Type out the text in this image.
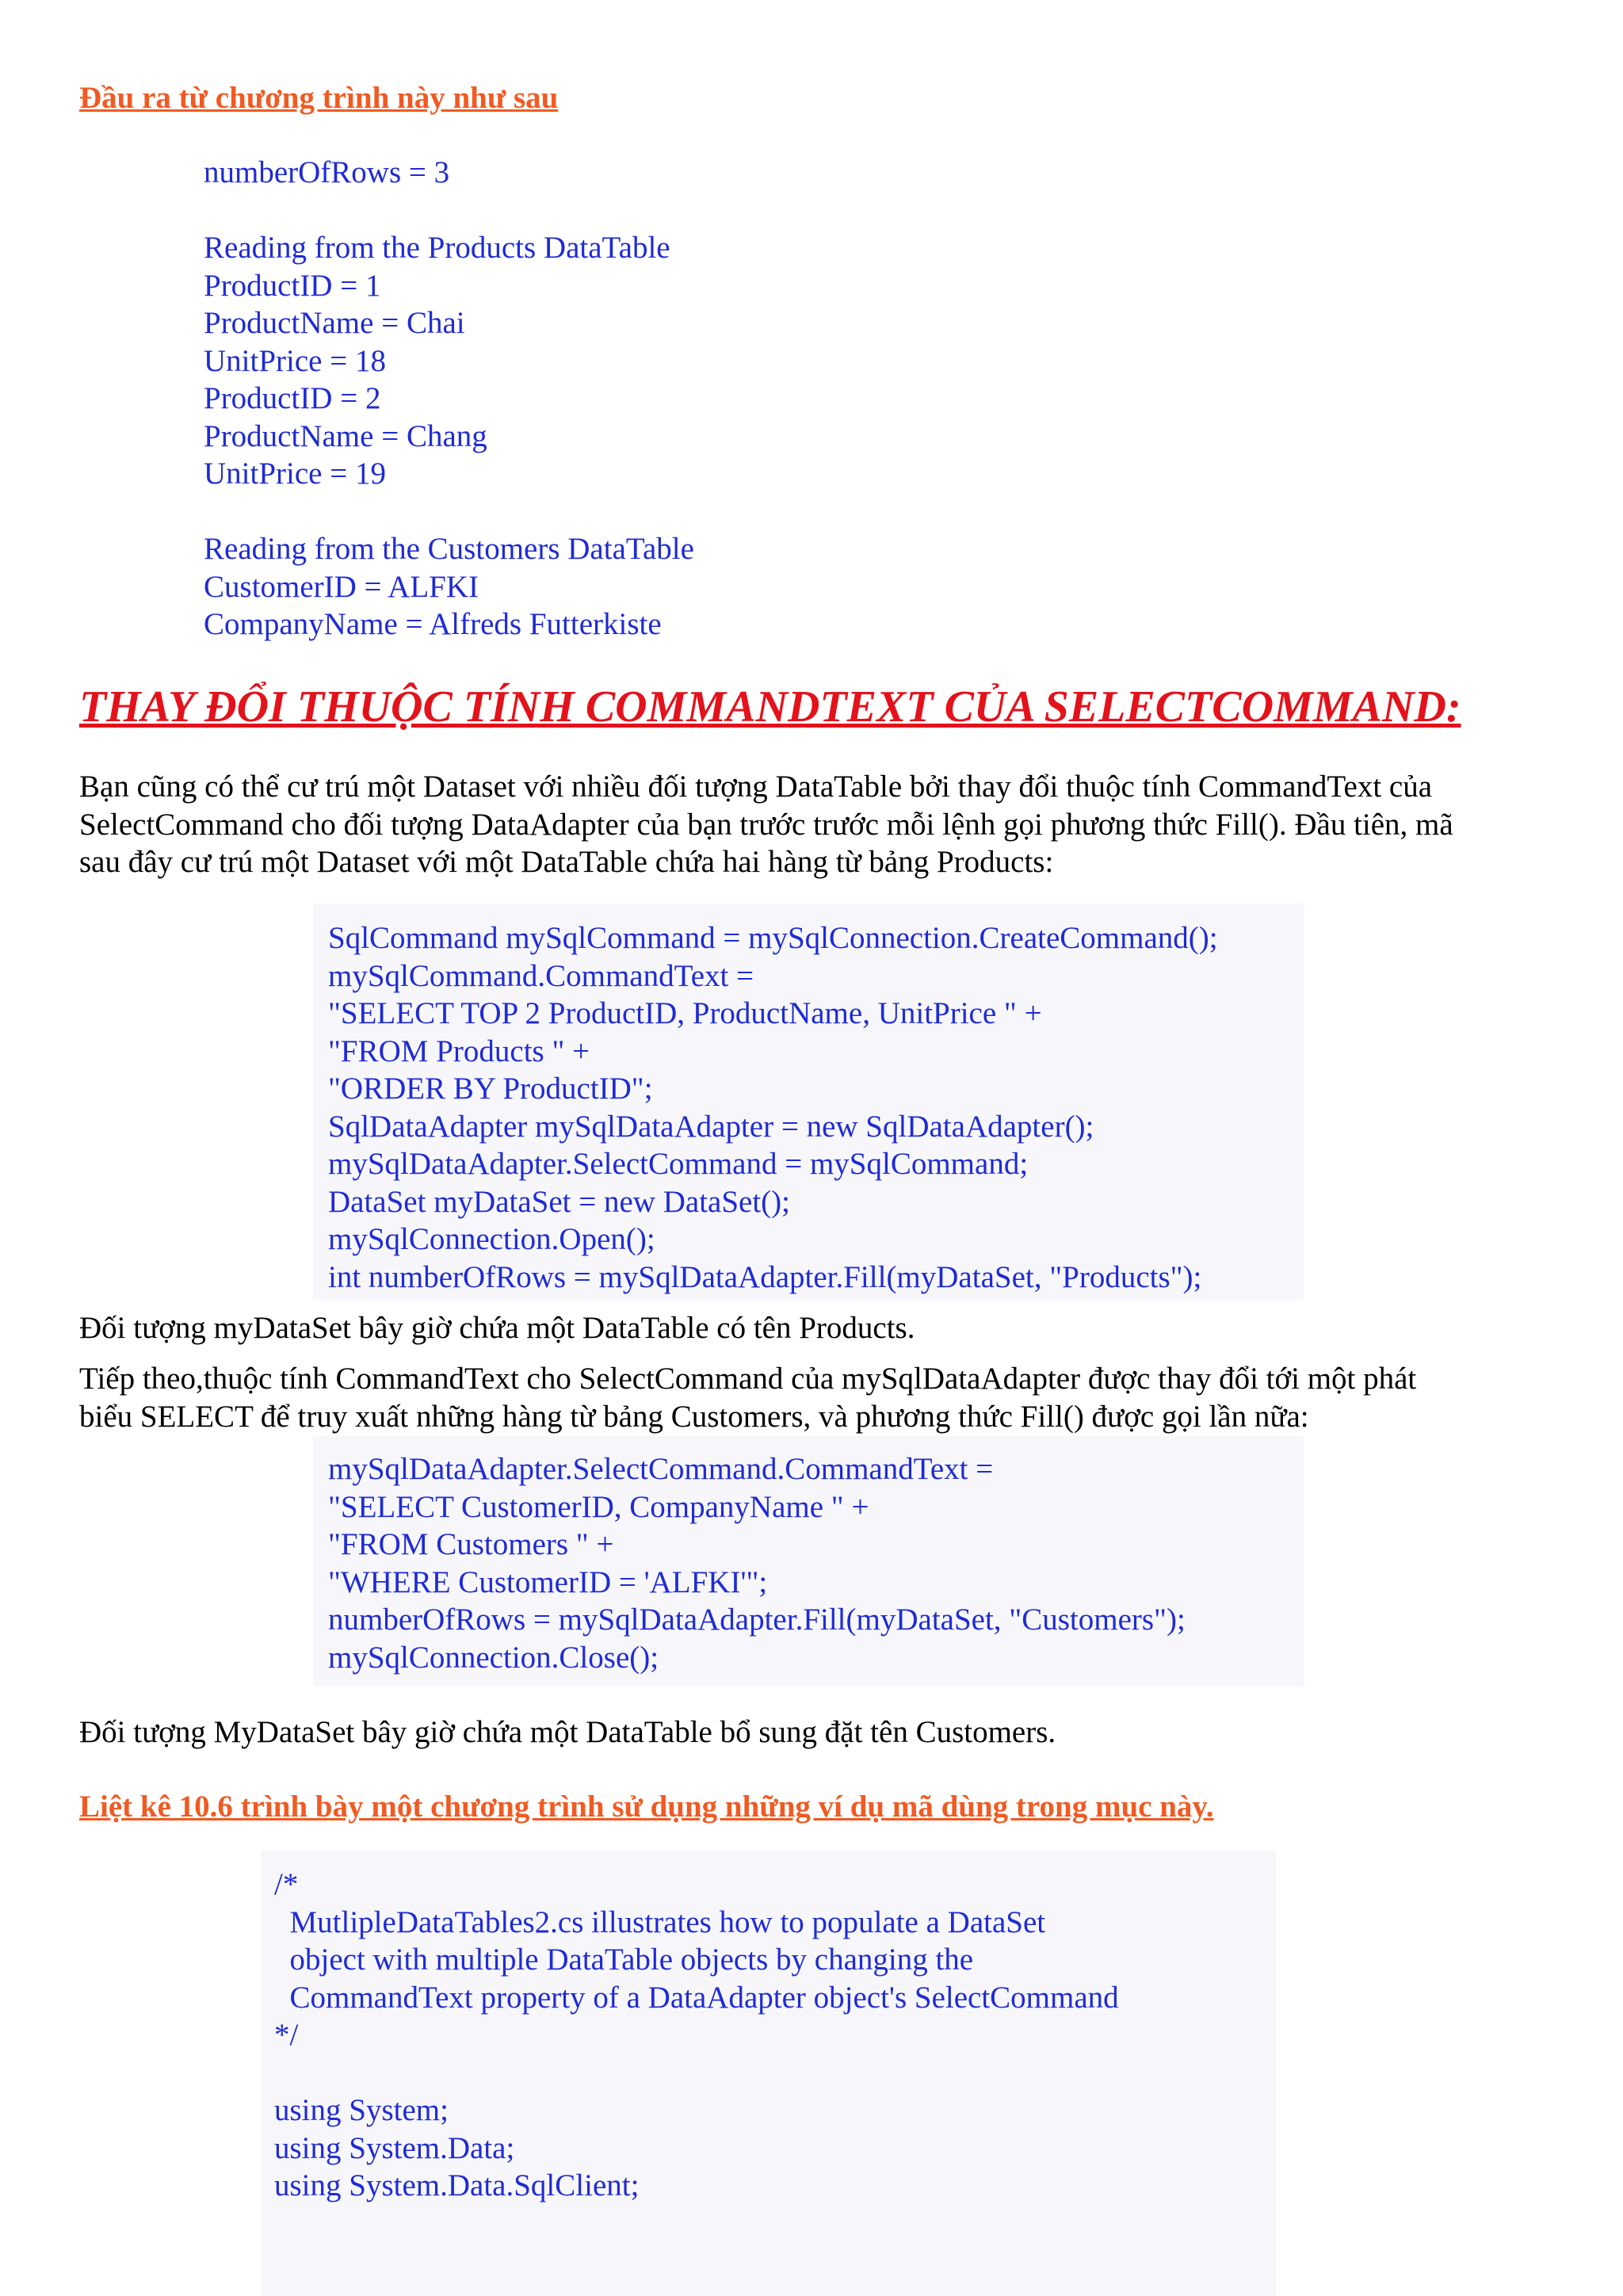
Đầu ra từ chương trình này như sau
numberOfRows = 3
Reading from the Products DataTable
ProductID = 1
ProductName = Chai
UnitPrice = 18
ProductID = 2
ProductName = Chang
UnitPrice = 19
Reading from the Customers DataTable
CustomerID = ALFKI
CompanyName = Alfreds Futterkiste
THAY ĐỔI THUỘC TÍNH COMMANDTEXT CỦA SELECTCOMMAND:
Bạn cũng có thể cư trú một Dataset với nhiều đối tượng DataTable bởi thay đổi thuộc tính CommandText của
SelectCommand cho đối tượng DataAdapter của bạn trước trước mỗi lệnh gọi phương thức Fill(). Đầu tiên, mã
sau đây cư trú một Dataset với một DataTable chứa hai hàng từ bảng Products:
SqlCommand mySqlCommand = mySqlConnection.CreateCommand();
mySqlCommand.CommandText =
"SELECT TOP 2 ProductID, ProductName, UnitPrice " +
"FROM Products " +
"ORDER BY ProductID";
SqlDataAdapter mySqlDataAdapter = new SqlDataAdapter();
mySqlDataAdapter.SelectCommand = mySqlCommand;
DataSet myDataSet = new DataSet();
mySqlConnection.Open();
int numberOfRows = mySqlDataAdapter.Fill(myDataSet, "Products");
Đối tượng myDataSet bây giờ chứa một DataTable có tên Products.
Tiếp theo,thuộc tính CommandText cho SelectCommand của mySqlDataAdapter được thay đổi tới một phát
biểu SELECT để truy xuất những hàng từ bảng Customers, và phương thức Fill() được gọi lần nữa:
mySqlDataAdapter.SelectCommand.CommandText =
"SELECT CustomerID, CompanyName " +
"FROM Customers " +
"WHERE CustomerID = 'ALFKI'";
numberOfRows = mySqlDataAdapter.Fill(myDataSet, "Customers");
mySqlConnection.Close();
Đối tượng MyDataSet bây giờ chứa một DataTable bổ sung đặt tên Customers.
Liệt kê 10.6 trình bày một chương trình sử dụng những ví dụ mã dùng trong mục này.
/*
MutlipleDataTables2.cs illustrates how to populate a DataSet
object with multiple DataTable objects by changing the
CommandText property of a DataAdapter object's SelectCommand
*/
using System;
using System.Data;
using System.Data.SqlClient;
